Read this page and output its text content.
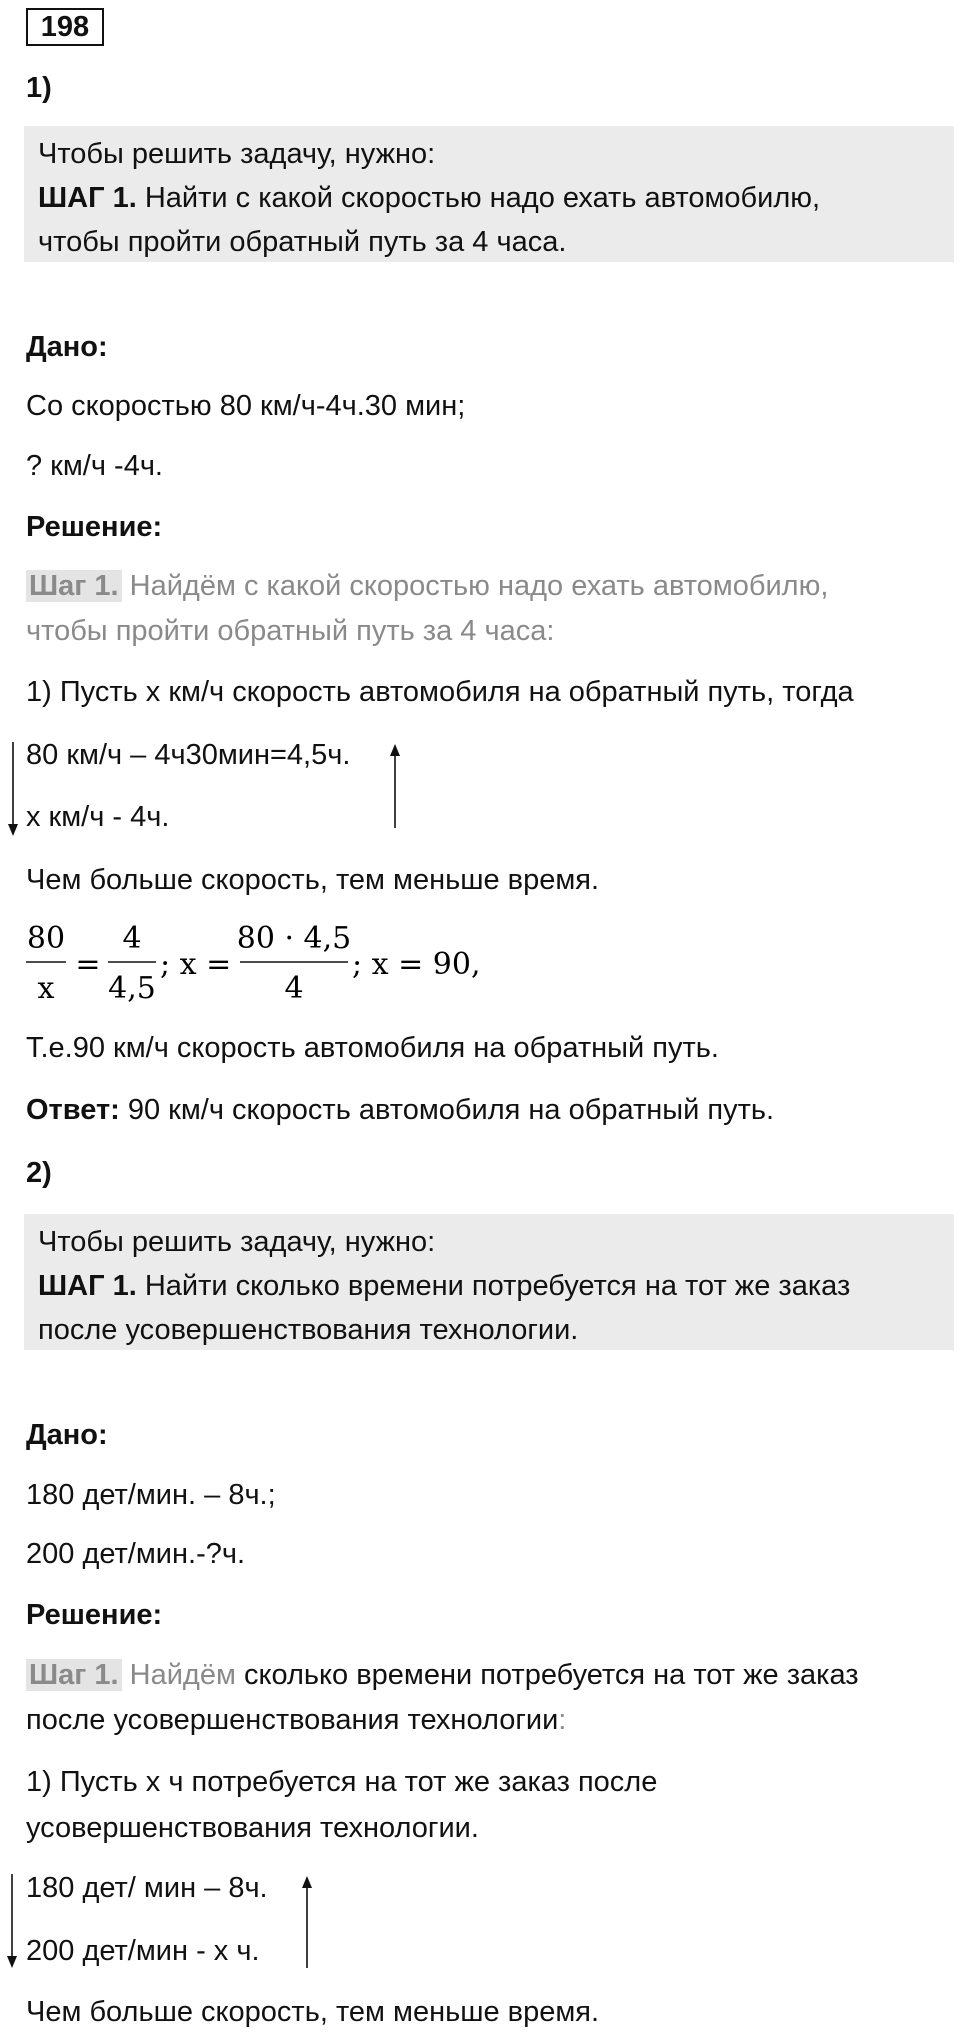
198
1)
Чтобы решить задачу, нужно:
ШАГ 1. Найти с какой скоростью надо ехать автомобилю,
чтобы пройти обратный путь за 4 часа.
Дано:
Со скоростью 80 км/ч-4ч.30 мин;
? км/ч -4ч.
Решение:
Шаг 1. Найдём с какой скоростью надо ехать автомобилю,
чтобы пройти обратный путь за 4 часа:
1) Пусть х км/ч скорость автомобиля на обратный путь, тогда
80 км/ч – 4ч30мин=4,5ч.
х км/ч - 4ч.
Чем больше скорость, тем меньше время.
80
x
=
4
4,5
; x =
80 · 4,5
4
; x = 90,
Т.е.90 км/ч скорость автомобиля на обратный путь.
Ответ: 90 км/ч скорость автомобиля на обратный путь.
2)
Чтобы решить задачу, нужно:
ШАГ 1. Найти сколько времени потребуется на тот же заказ
после усовершенствования технологии.
Дано:
180 дет/мин. – 8ч.;
200 дет/мин.-?ч.
Решение:
Шаг 1. Найдём сколько времени потребуется на тот же заказ
после усовершенствования технологии:
1) Пусть х ч потребуется на тот же заказ после
усовершенствования технологии.
180 дет/ мин – 8ч.
200 дет/мин - х ч.
Чем больше скорость, тем меньше время.
